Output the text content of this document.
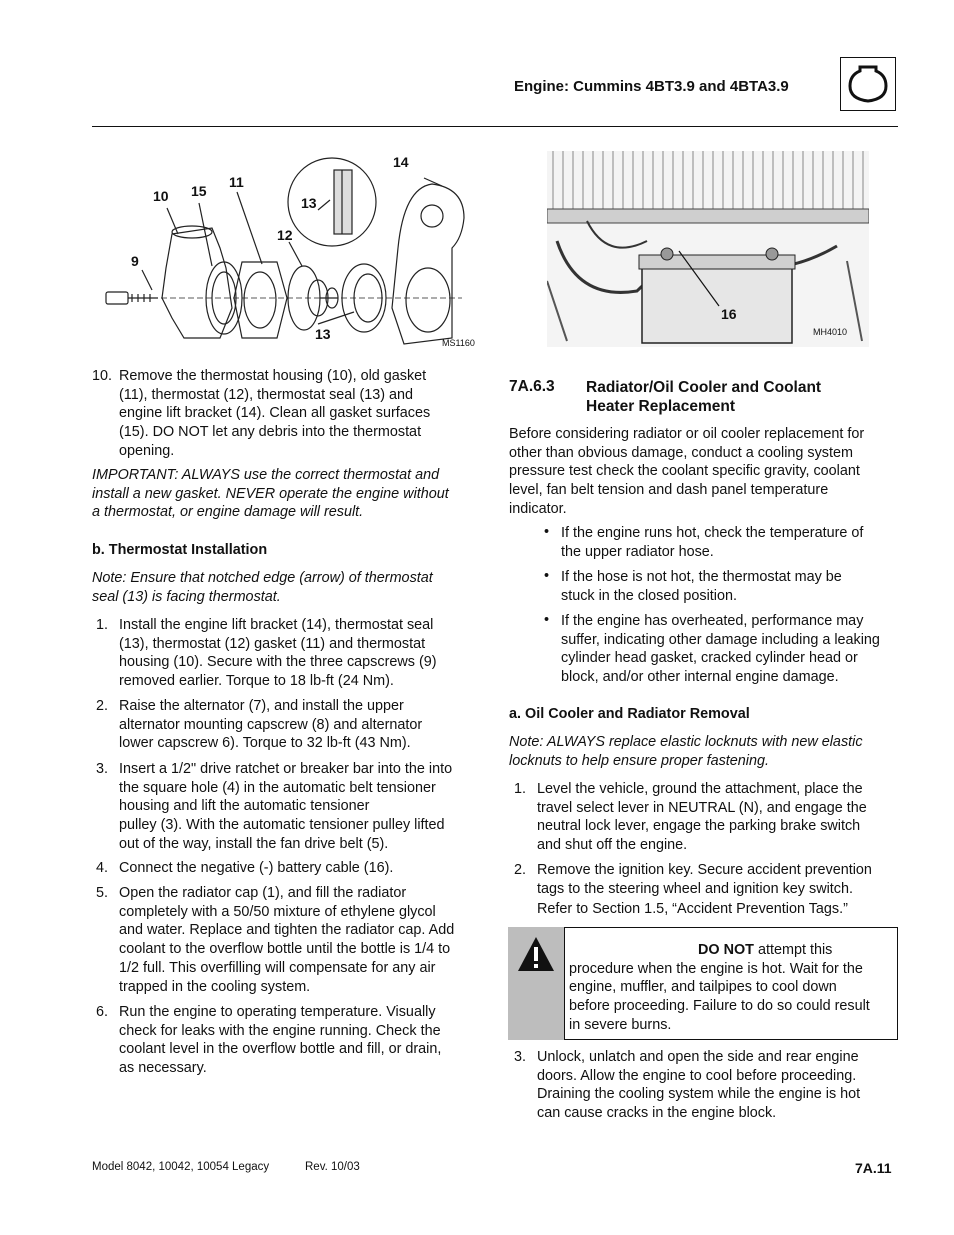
Engine: Cummins 4BT3.9 and 4BTA3.9
10 15
11
14
13
12
9
13
MS1160
16
MH4010
10. Remove the thermostat housing (10), old gasket
(11), thermostat (12), thermostat seal (13) and
engine lift bracket (14). Clean all gasket surfaces
(15). DO NOT let any debris into the thermostat
opening.
IMPORTANT: ALWAYS use the correct thermostat and
install a new gasket. NEVER operate the engine without
a thermostat, or engine damage will result.
b. Thermostat Installation
Note: Ensure that notched edge (arrow) of thermostat
seal (13) is facing thermostat.
1. Install the engine lift bracket (14), thermostat seal
(13), thermostat (12) gasket (11) and thermostat
housing (10). Secure with the three capscrews (9)
removed earlier. Torque to 18 lb-ft (24 Nm).
2. Raise the alternator (7), and install the upper
alternator mounting capscrew (8) and alternator
lower capscrew 6). Torque to 32 lb-ft (43 Nm).
3. Insert a 1/2" drive ratchet or breaker bar into the into
the square hole (4) in the automatic belt tensioner
housing and lift the automatic tensioner
pulley (3). With the automatic tensioner pulley lifted
out of the way, install the fan drive belt (5).
4. Connect the negative (-) battery cable (16).
5. Open the radiator cap (1), and fill the radiator
completely with a 50/50 mixture of ethylene glycol
and water. Replace and tighten the radiator cap. Add
coolant to the overflow bottle until the bottle is 1/4 to
1/2 full. This overfilling will compensate for any air
trapped in the cooling system.
6. Run the engine to operating temperature. Visually
check for leaks with the engine running. Check the
coolant level in the overflow bottle and fill, or drain,
as necessary.
7A.6.3 Radiator/Oil Cooler and Coolant
Heater Replacement
Before considering radiator or oil cooler replacement for
other than obvious damage, conduct a cooling system
pressure test check the coolant specific gravity, coolant
level, fan belt tension and dash panel temperature
indicator.
• If the engine runs hot, check the temperature of
the upper radiator hose.
• If the hose is not hot, the thermostat may be
stuck in the closed position.
• If the engine has overheated, performance may
suffer, indicating other damage including a leaking
cylinder head gasket, cracked cylinder head or
block, and/or other internal engine damage.
a. Oil Cooler and Radiator Removal
Note: ALWAYS replace elastic locknuts with new elastic
locknuts to help ensure proper fastening.
1. Level the vehicle, ground the attachment, place the
travel select lever in NEUTRAL (N), and engage the
neutral lock lever, engage the parking brake switch
and shut off the engine.
2. Remove the ignition key. Secure accident prevention
tags to the steering wheel and ignition key switch.
Refer to Section 1.5, “Accident Prevention Tags.”
DO NOT attempt this
procedure when the engine is hot. Wait for the
engine, muffler, and tailpipes to cool down
before proceeding. Failure to do so could result
in severe burns.
3. Unlock, unlatch and open the side and rear engine
doors. Allow the engine to cool before proceeding.
Draining the cooling system while the engine is hot
can cause cracks in the engine block.
Model 8042, 10042, 10054 Legacy	Rev. 10/03	7A.11
